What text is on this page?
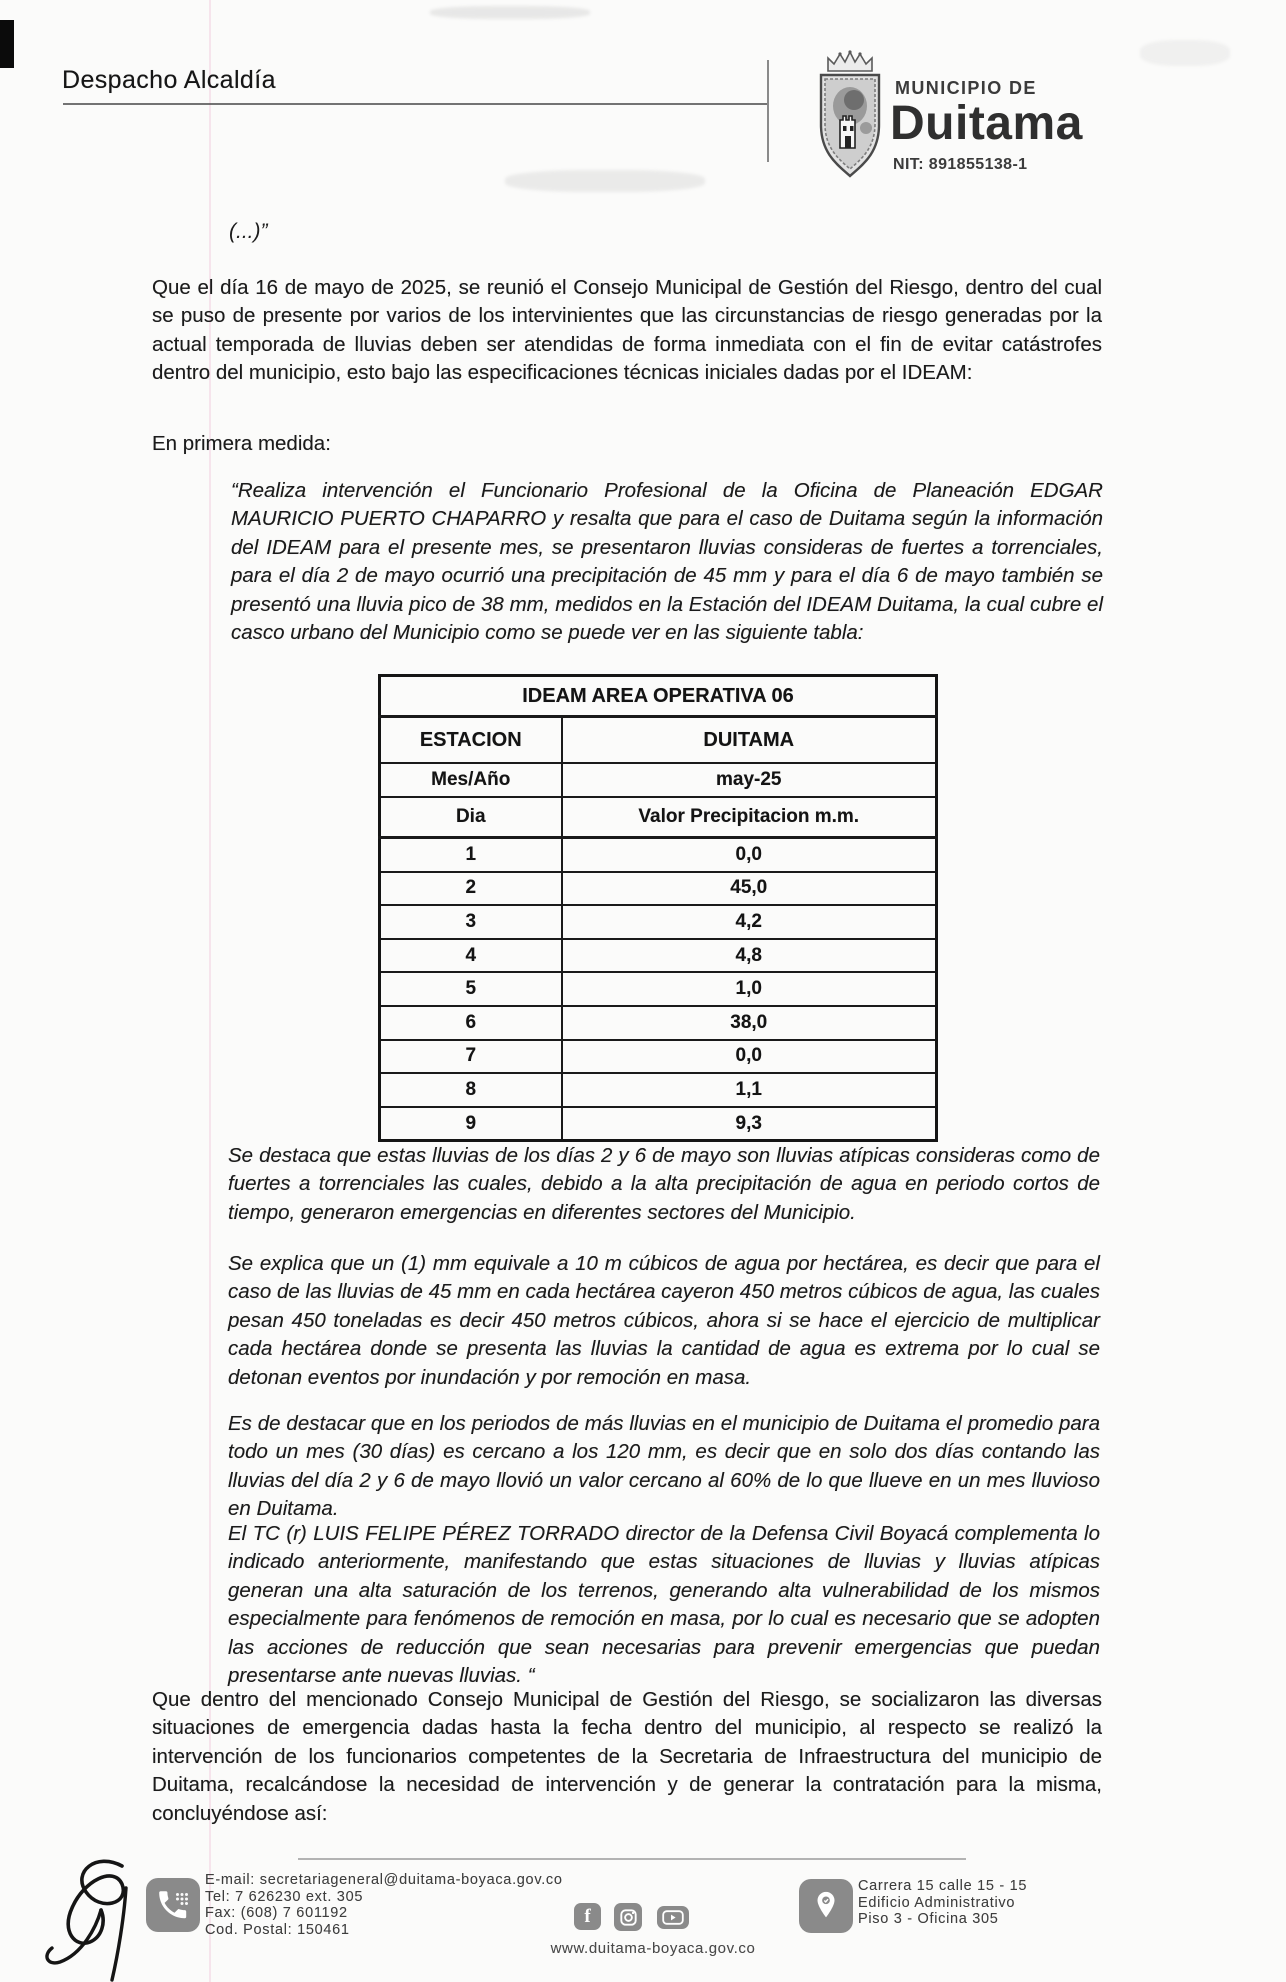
Despacho Alcaldía	MUNICIPIO DE
Duitama
NIT: 891855138-1
(...)”
Que el día 16 de mayo de 2025, se reunió el Consejo Municipal de Gestión del Riesgo, dentro del cual se puso de presente por varios de los intervinientes que las circunstancias de riesgo generadas por la actual temporada de lluvias deben ser atendidas de forma inmediata con el fin de evitar catástrofes dentro del municipio, esto bajo las especificaciones técnicas iniciales dadas por el IDEAM:
En primera medida:
“Realiza intervención el Funcionario Profesional de la Oficina de Planeación EDGAR MAURICIO PUERTO CHAPARRO y resalta que para el caso de Duitama según la información del IDEAM para el presente mes, se presentaron lluvias consideras de fuertes a torrenciales, para el día 2 de mayo ocurrió una precipitación de 45 mm y para el día 6 de mayo también se presentó una lluvia pico de 38 mm, medidos en la Estación del IDEAM Duitama, la cual cubre el casco urbano del Municipio como se puede ver en las siguiente tabla:
IDEAM AREA OPERATIVA 06	
ESTACION	DUITAMA
Mes/Año	may-25
Dia	Valor Precipitacion m.m.
1	0,0
2	45,0
3	4,2
4	4,8
5	1,0
6	38,0
7	0,0
8	1,1
9	9,3
Se destaca que estas lluvias de los días 2 y 6 de mayo son lluvias atípicas consideras como de fuertes a torrenciales las cuales, debido a la alta precipitación de agua en periodo cortos de tiempo, generaron emergencias en diferentes sectores del Municipio.
Se explica que un (1) mm equivale a 10 m cúbicos de agua por hectárea, es decir que para el caso de las lluvias de 45 mm en cada hectárea cayeron 450 metros cúbicos de agua, las cuales pesan 450 toneladas es decir 450 metros cúbicos, ahora si se hace el ejercicio de multiplicar cada hectárea donde se presenta las lluvias la cantidad de agua es extrema por lo cual se detonan eventos por inundación y por remoción en masa.
Es de destacar que en los periodos de más lluvias en el municipio de Duitama el promedio para todo un mes (30 días) es cercano a los 120 mm, es decir que en solo dos días contando las lluvias del día 2 y 6 de mayo llovió un valor cercano al 60% de lo que llueve en un mes lluvioso en Duitama.
El TC (r) LUIS FELIPE PÉREZ TORRADO director de la Defensa Civil Boyacá complementa lo indicado anteriormente, manifestando que estas situaciones de lluvias y lluvias atípicas generan una alta saturación de los terrenos, generando alta vulnerabilidad de los mismos especialmente para fenómenos de remoción en masa, por lo cual es necesario que se adopten las acciones de reducción que sean necesarias para prevenir emergencias que puedan presentarse ante nuevas lluvias. “
Que dentro del mencionado Consejo Municipal de Gestión del Riesgo, se socializaron las diversas situaciones de emergencia dadas hasta la fecha dentro del municipio, al respecto se realizó la intervención de los funcionarios competentes de la Secretaria de Infraestructura del municipio de Duitama, recalcándose la necesidad de intervención y de generar la contratación para la misma, concluyéndose así:
E-mail: secretariageneral@duitama-boyaca.gov.co
Tel: 7 626230 ext. 305
Fax: (608) 7 601192
Cod. Postal: 150461
f
www.duitama-boyaca.gov.co
Carrera 15 calle 15 - 15
Edificio Administrativo
Piso 3 - Oficina 305
